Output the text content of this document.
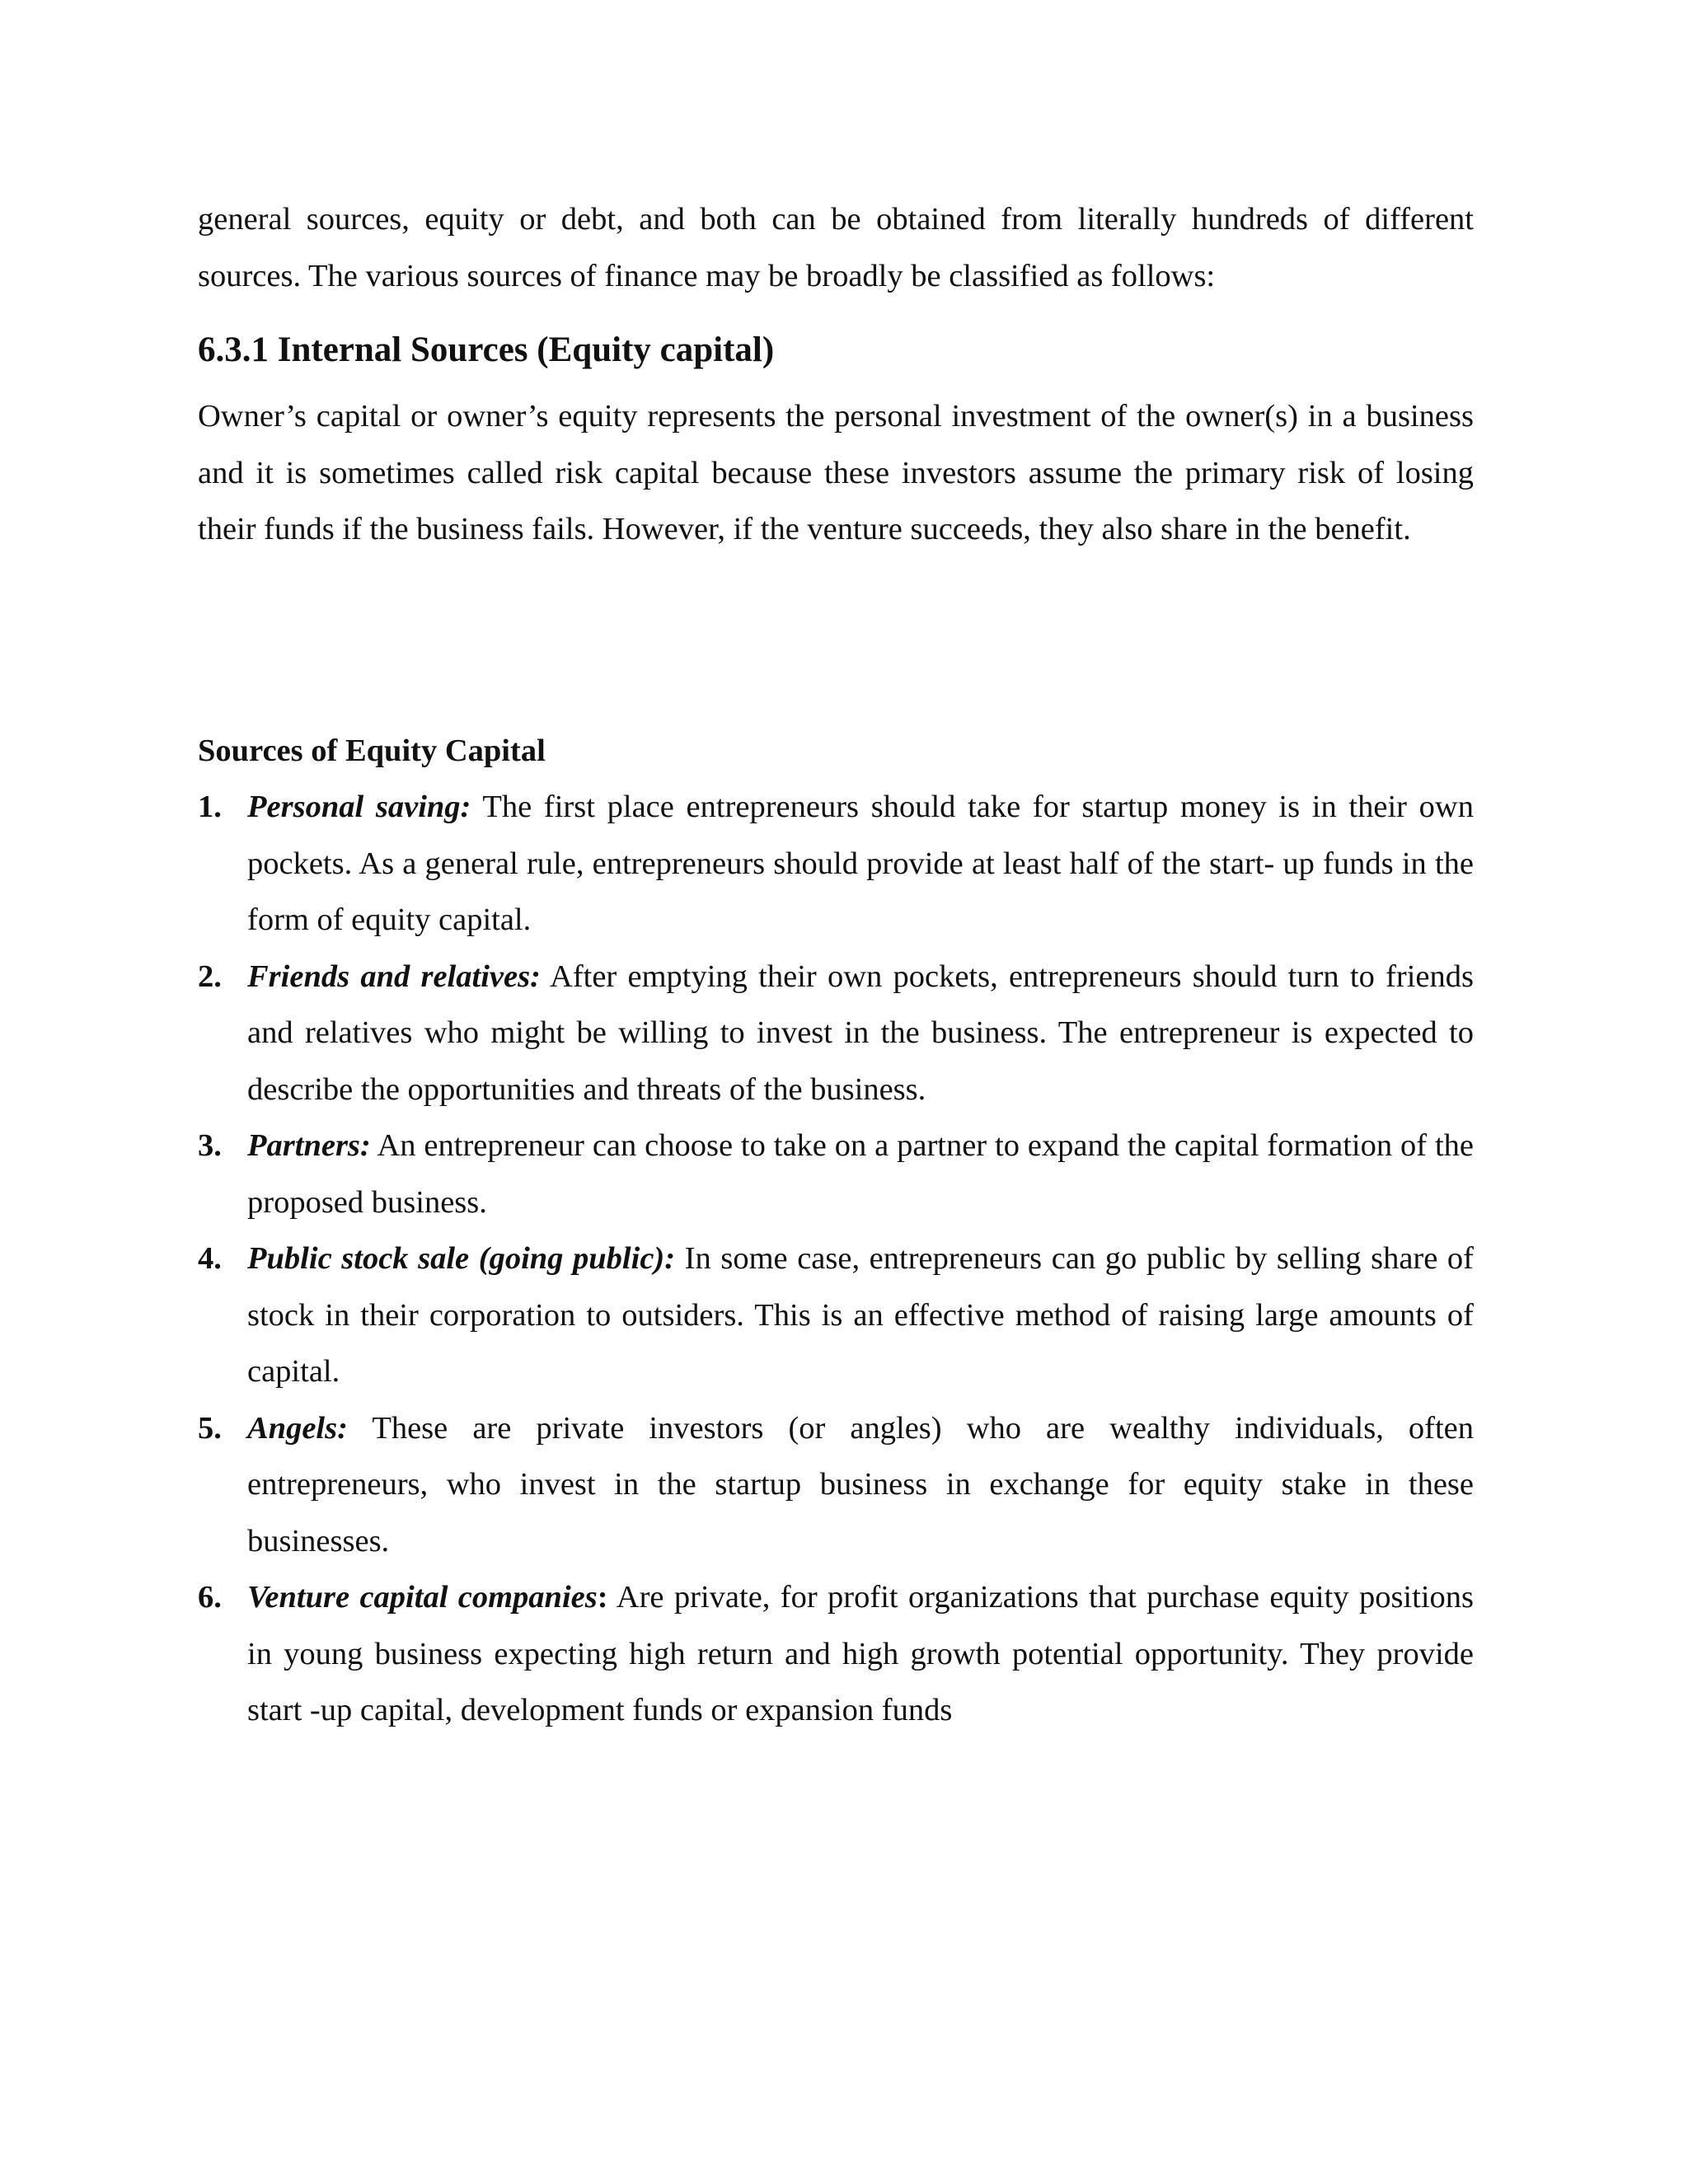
general sources, equity or debt, and both can be obtained from literally hundreds of different sources. The various sources of finance may be broadly be classified as follows:

6.3.1 Internal Sources (Equity capital)

Owner’s capital or owner’s equity represents the personal investment of the owner(s) in a business and it is sometimes called risk capital because these investors assume the primary risk of losing their funds if the business fails. However, if the venture succeeds, they also share in the benefit.

Sources of Equity Capital
1. Personal saving: The first place entrepreneurs should take for startup money is in their own pockets. As a general rule, entrepreneurs should provide at least half of the start- up funds in the form of equity capital.
2. Friends and relatives: After emptying their own pockets, entrepreneurs should turn to friends and relatives who might be willing to invest in the business. The entrepreneur is expected to describe the opportunities and threats of the business.
3. Partners: An entrepreneur can choose to take on a partner to expand the capital formation of the proposed business.
4. Public stock sale (going public): In some case, entrepreneurs can go public by selling share of stock in their corporation to outsiders. This is an effective method of raising large amounts of capital.
5. Angels: These are private investors (or angles) who are wealthy individuals, often entrepreneurs, who invest in the startup business in exchange for equity stake in these businesses.
6. Venture capital companies: Are private, for profit organizations that purchase equity positions in young business expecting high return and high growth potential opportunity. They provide start -up capital, development funds or expansion funds
